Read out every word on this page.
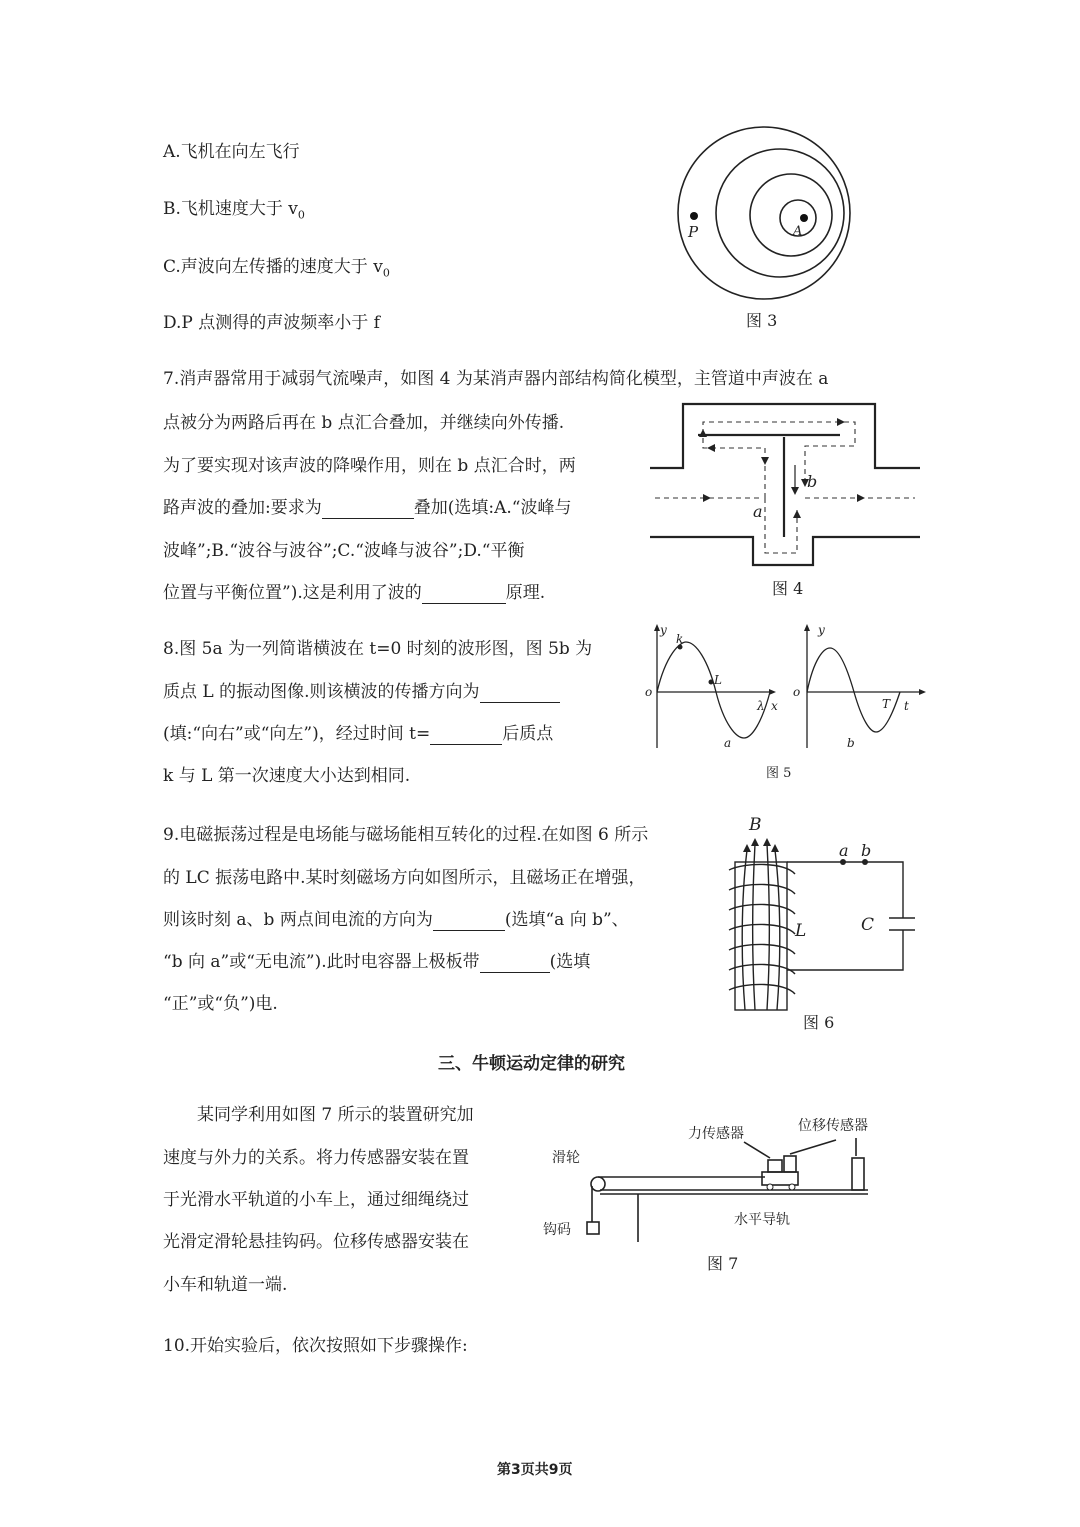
A.飞机在向左飞行
B.飞机速度大于 $v_0$
C.声波向左传播的速度大于 $v_0$
D.P 点测得的声波频率小于 f
P	A
图 3
7.消声器常用于减弱气流噪声，如图 4 为某消声器内部结构简化模型，主管道中声波在 a
点被分为两路后再在 b 点汇合叠加，并继续向外传播.
为了要实现对该声波的降噪作用，则在 b 点汇合时，两
路声波的叠加:要求为	叠加(选填:A.“波峰与
波峰”;B.“波谷与波谷”;C.“波峰与波谷”;D.“平衡
位置与平衡位置”).这是利用了波的	原理.
a
b
图 4
8.图 5a 为一列简谐横波在 t=0 时刻的波形图，图 5b 为
质点 L 的振动图像.则该横波的传播方向为
(填:“向右”或“向左”)，经过时间 t=	后质点
k 与 L 第一次速度大小达到相同.
y
o
k
L
λ x
a
y
o
T t
b
图 5
9.电磁振荡过程是电场能与磁场能相互转化的过程.在如图 6 所示
的 LC 振荡电路中.某时刻磁场方向如图所示，且磁场正在增强，
则该时刻 a、b 两点间电流的方向为	(选填“a 向 b”、
“b 向 a”或“无电流”).此时电容器上极板带	(选填
“正”或“负”)电.
B
a b
L	C
图 6
三、牛顿运动定律的研究
某同学利用如图 7 所示的装置研究加
速度与外力的关系。将力传感器安装在置
于光滑水平轨道的小车上，通过细绳绕过
光滑定滑轮悬挂钩码。位移传感器安装在
小车和轨道一端.
力传感器	位移传感器
滑轮
钩码
水平导轨
图 7
10.开始实验后，依次按照如下步骤操作:
第3页共9页
